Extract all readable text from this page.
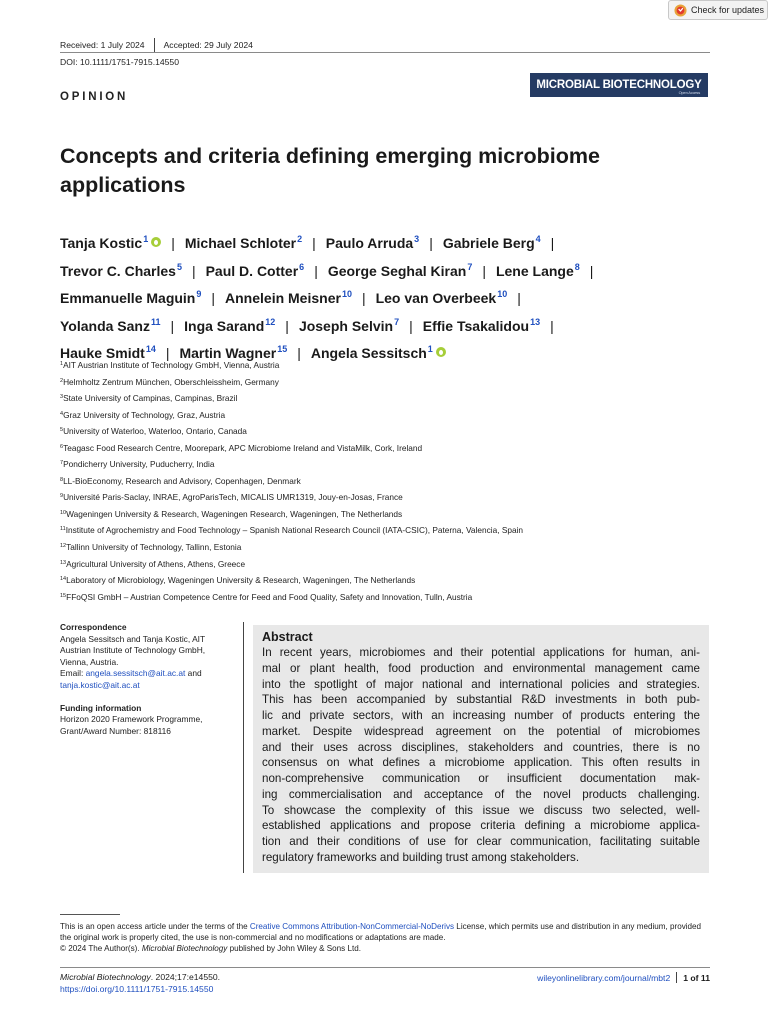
Check for updates
Received: 1 July 2024 Accepted: 29 July 2024
DOI: 10.1111/1751-7915.14550
OPINION
MICROBIAL BIOTECHNOLOGY
Open Access
Concepts and criteria defining emerging microbiome applications
Tanja Kostic$^1$ | Michael Schloter$^2$ | Paulo Arruda$^3$ | Gabriele Berg$^4$ |
Trevor C. Charles$^5$ | Paul D. Cotter$^6$ | George Seghal Kiran$^7$ | Lene Lange$^8$ |
Emmanuelle Maguin$^9$ | Annelein Meisner$^{10}$ | Leo van Overbeek$^{10}$ |
Yolanda Sanz$^{11}$ | Inga Sarand$^{12}$ | Joseph Selvin$^7$ | Effie Tsakalidou$^{13}$ |
Hauke Smidt$^{14}$ | Martin Wagner$^{15}$ | Angela Sessitsch$^1$
$^1$AIT Austrian Institute of Technology GmbH, Vienna, Austria
$^2$Helmholtz Zentrum München, Oberschleissheim, Germany
$^3$State University of Campinas, Campinas, Brazil
$^4$Graz University of Technology, Graz, Austria
$^5$University of Waterloo, Waterloo, Ontario, Canada
$^6$Teagasc Food Research Centre, Moorepark, APC Microbiome Ireland and VistaMilk, Cork, Ireland
$^7$Pondicherry University, Puducherry, India
$^8$LL-BioEconomy, Research and Advisory, Copenhagen, Denmark
$^9$Université Paris-Saclay, INRAE, AgroParisTech, MICALIS UMR1319, Jouy-en-Josas, France
$^{10}$Wageningen University & Research, Wageningen Research, Wageningen, The Netherlands
$^{11}$Institute of Agrochemistry and Food Technology – Spanish National Research Council (IATA-CSIC), Paterna, Valencia, Spain
$^{12}$Tallinn University of Technology, Tallinn, Estonia
$^{13}$Agricultural University of Athens, Athens, Greece
$^{14}$Laboratory of Microbiology, Wageningen University & Research, Wageningen, The Netherlands
$^{15}$FFoQSI GmbH – Austrian Competence Centre for Feed and Food Quality, Safety and Innovation, Tulln, Austria
Correspondence
Angela Sessitsch and Tanja Kostic, AIT
Austrian Institute of Technology GmbH,
Vienna, Austria.
Email: angela.sessitsch@ait.ac.at and
tanja.kostic@ait.ac.at
Funding information
Horizon 2020 Framework Programme,
Grant/Award Number: 818116
Abstract

In recent years, microbiomes and their potential applications for human, ani-
mal or plant health, food production and environmental management came
into the spotlight of major national and international policies and strategies.
This has been accompanied by substantial R&D investments in both pub-
lic and private sectors, with an increasing number of products entering the
market. Despite widespread agreement on the potential of microbiomes
and their uses across disciplines, stakeholders and countries, there is no
consensus on what defines a microbiome application. This often results in
non-comprehensive communication or insufficient documentation mak-
ing commercialisation and acceptance of the novel products challenging.
To showcase the complexity of this issue we discuss two selected, well-
established applications and propose criteria defining a microbiome applica-
tion and their conditions of use for clear communication, facilitating suitable
regulatory frameworks and building trust among stakeholders.

This is an open access article under the terms of the Creative Commons Attribution-NonCommercial-NoDerivs License, which permits use and distribution in any medium, provided the original work is properly cited, the use is non-commercial and no modifications or adaptations are made.
© 2024 The Author(s). Microbial Biotechnology published by John Wiley & Sons Ltd.
Microbial Biotechnology. 2024;17:e14550.
https://doi.org/10.1111/1751-7915.14550
wileyonlinelibrary.com/journal/mbt2 1 of 11
